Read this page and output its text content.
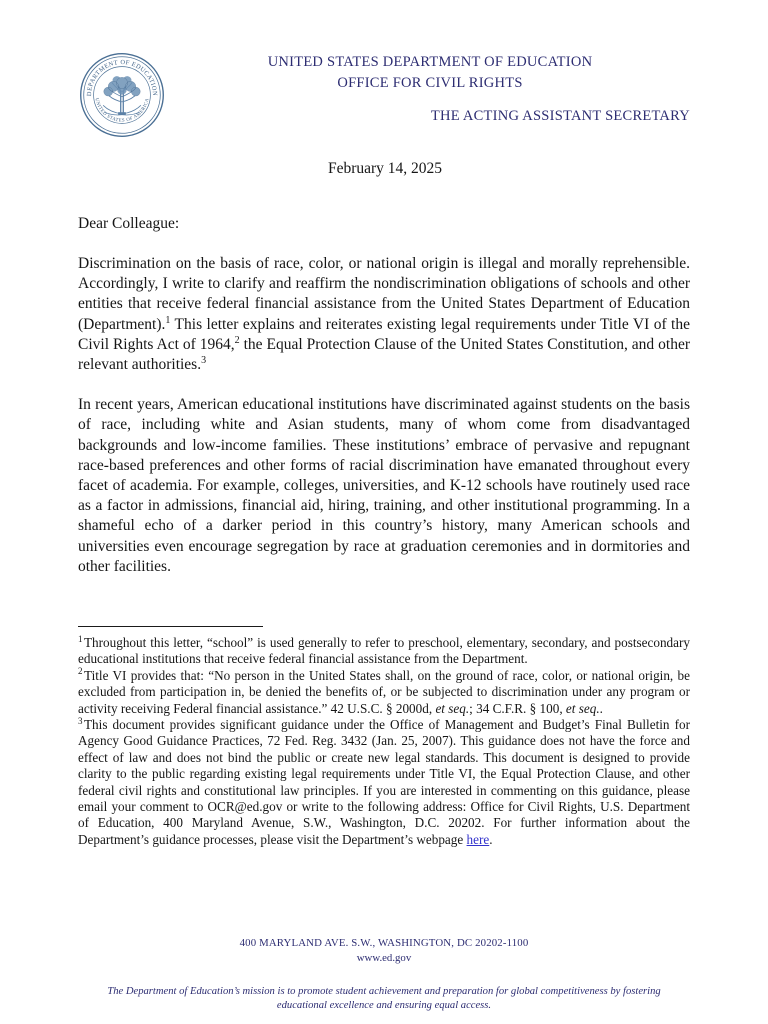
DEPARTMENT OF EDUCATION
UNITED STATES OF AMERICA
UNITED STATES DEPARTMENT OF EDUCATION
OFFICE FOR CIVIL RIGHTS
THE ACTING ASSISTANT SECRETARY
February 14, 2025
Dear Colleague:

Discrimination on the basis of race, color, or national origin is illegal and morally reprehensible. Accordingly, I write to clarify and reaffirm the nondiscrimination obligations of schools and other entities that receive federal financial assistance from the United States Department of Education (Department).$^1$ This letter explains and reiterates existing legal requirements under Title VI of the Civil Rights Act of 1964,$^2$ the Equal Protection Clause of the United States Constitution, and other relevant authorities.$^3$

In recent years, American educational institutions have discriminated against students on the basis of race, including white and Asian students, many of whom come from disadvantaged backgrounds and low-income families. These institutions’ embrace of pervasive and repugnant race-based preferences and other forms of racial discrimination have emanated throughout every facet of academia. For example, colleges, universities, and K-12 schools have routinely used race as a factor in admissions, financial aid, hiring, training, and other institutional programming. In a shameful echo of a darker period in this country’s history, many American schools and universities even encourage segregation by race at graduation ceremonies and in dormitories and other facilities.

$^1$ Throughout this letter, “school” is used generally to refer to preschool, elementary, secondary, and postsecondary educational institutions that receive federal financial assistance from the Department.

$^2$ Title VI provides that: “No person in the United States shall, on the ground of race, color, or national origin, be excluded from participation in, be denied the benefits of, or be subjected to discrimination under any program or activity receiving Federal financial assistance.” 42 U.S.C. § 2000d, et seq.; 34 C.F.R. § 100, et seq..

$^3$ This document provides significant guidance under the Office of Management and Budget’s Final Bulletin for Agency Good Guidance Practices, 72 Fed. Reg. 3432 (Jan. 25, 2007). This guidance does not have the force and effect of law and does not bind the public or create new legal standards. This document is designed to provide clarity to the public regarding existing legal requirements under Title VI, the Equal Protection Clause, and other federal civil rights and constitutional law principles. If you are interested in commenting on this guidance, please email your comment to OCR@ed.gov or write to the following address: Office for Civil Rights, U.S. Department of Education, 400 Maryland Avenue, S.W., Washington, D.C. 20202. For further information about the Department’s guidance processes, please visit the Department’s webpage here.

400 MARYLAND AVE. S.W., WASHINGTON, DC 20202-1100
www.ed.gov
The Department of Education’s mission is to promote student achievement and preparation for global competitiveness by fostering educational excellence and ensuring equal access.
